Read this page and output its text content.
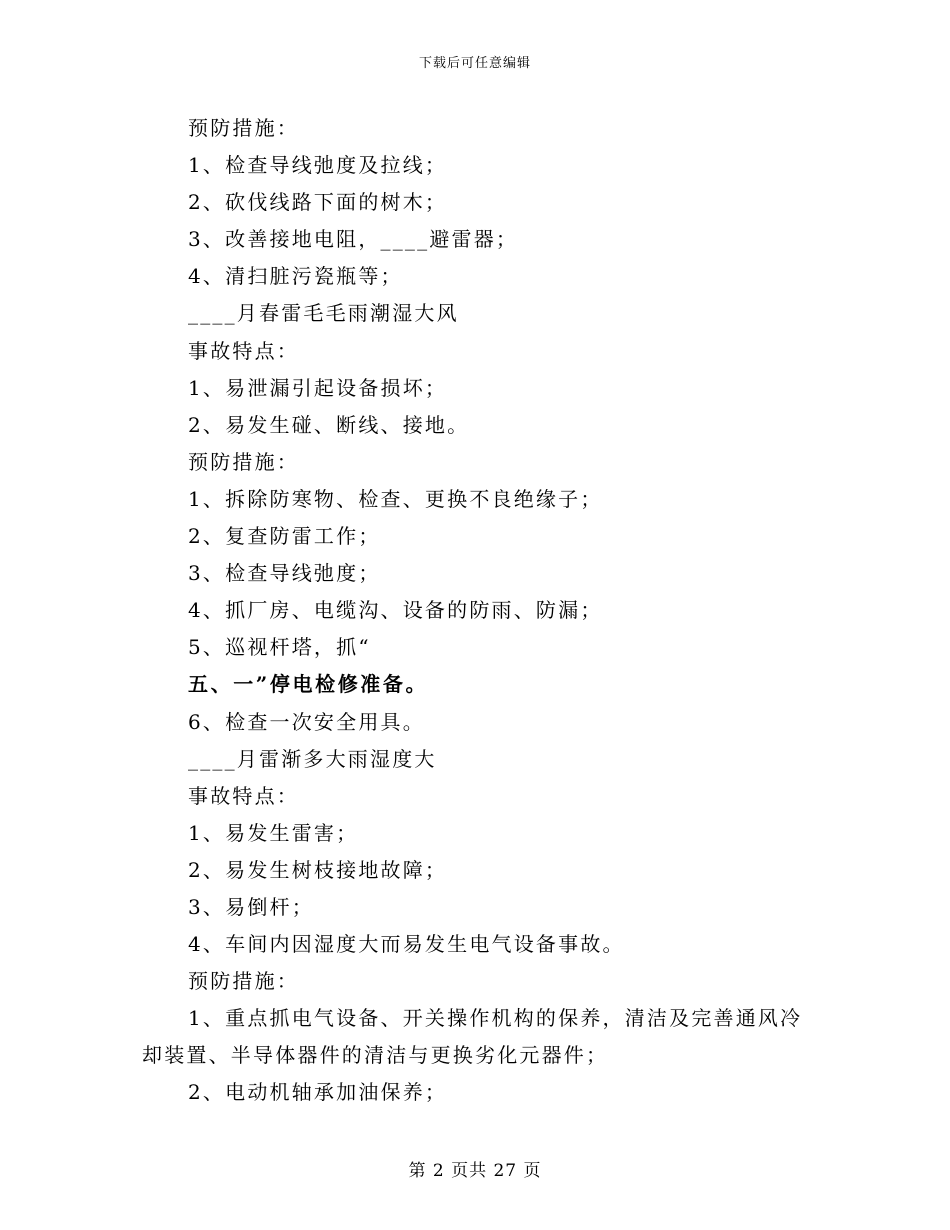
下载后可任意编辑
预防措施：
1、检查导线弛度及拉线；
2、砍伐线路下面的树木；
3、改善接地电阻，____避雷器；
4、清扫脏污瓷瓶等；
____月春雷毛毛雨潮湿大风
事故特点：
1、易泄漏引起设备损坏；
2、易发生碰、断线、接地。
预防措施：
1、拆除防寒物、检查、更换不良绝缘子；
2、复查防雷工作；
3、检查导线弛度；
4、抓厂房、电缆沟、设备的防雨、防漏；
5、巡视杆塔，抓“
五、一”停电检修准备。
6、检查一次安全用具。
____月雷渐多大雨湿度大
事故特点：
1、易发生雷害；
2、易发生树枝接地故障；
3、易倒杆；
4、车间内因湿度大而易发生电气设备事故。
预防措施：
1、重点抓电气设备、开关操作机构的保养，清洁及完善通风冷却装置、半导体器件的清洁与更换劣化元器件；
2、电动机轴承加油保养；
第 2 页共 27 页
